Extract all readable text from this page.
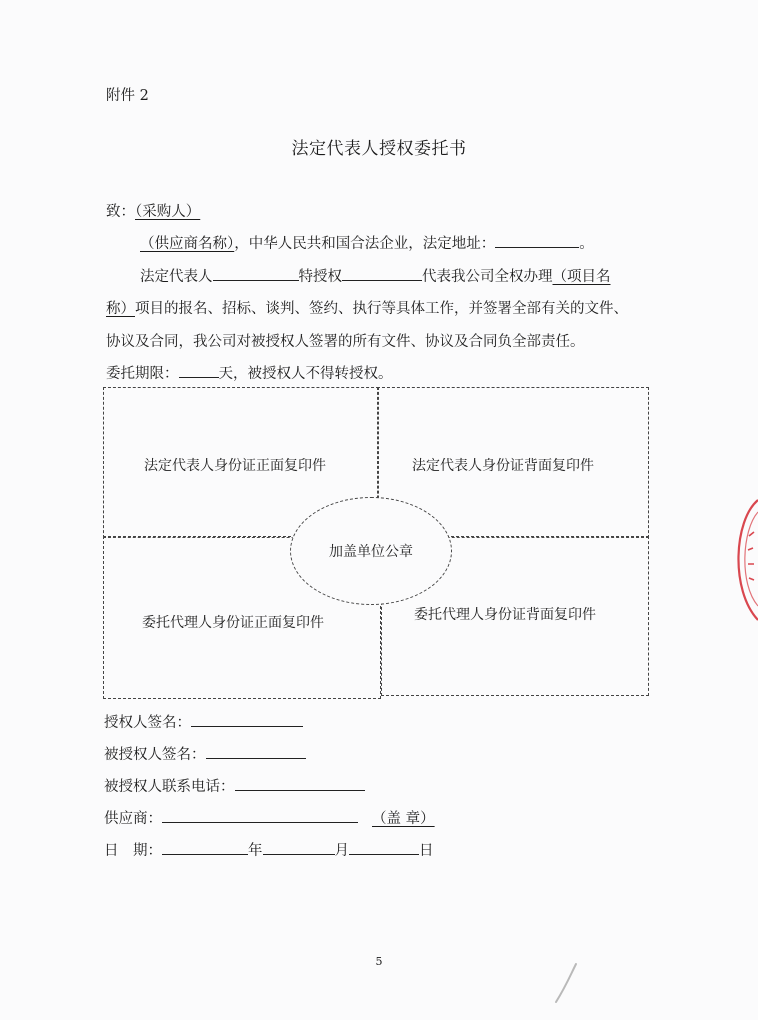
附件 2
法定代表人授权委托书
致：（采购人）
（供应商名称），中华人民共和国合法企业，法定地址：	。
法定代表人	特授权	代表我公司全权办理（项目名
称）项目的报名、招标、谈判、签约、执行等具体工作，并签署全部有关的文件、
协议及合同，我公司对被授权人签署的所有文件、协议及合同负全部责任。
委托期限：	天，被授权人不得转授权。
法定代表人身份证正面复印件	法定代表人身份证背面复印件
委托代理人身份证正面复印件	委托代理人身份证背面复印件
加盖单位公章
授权人签名：
被授权人签名：
被授权人联系电话：
供应商：	（盖 章）
日　期：	年	月	日
5
